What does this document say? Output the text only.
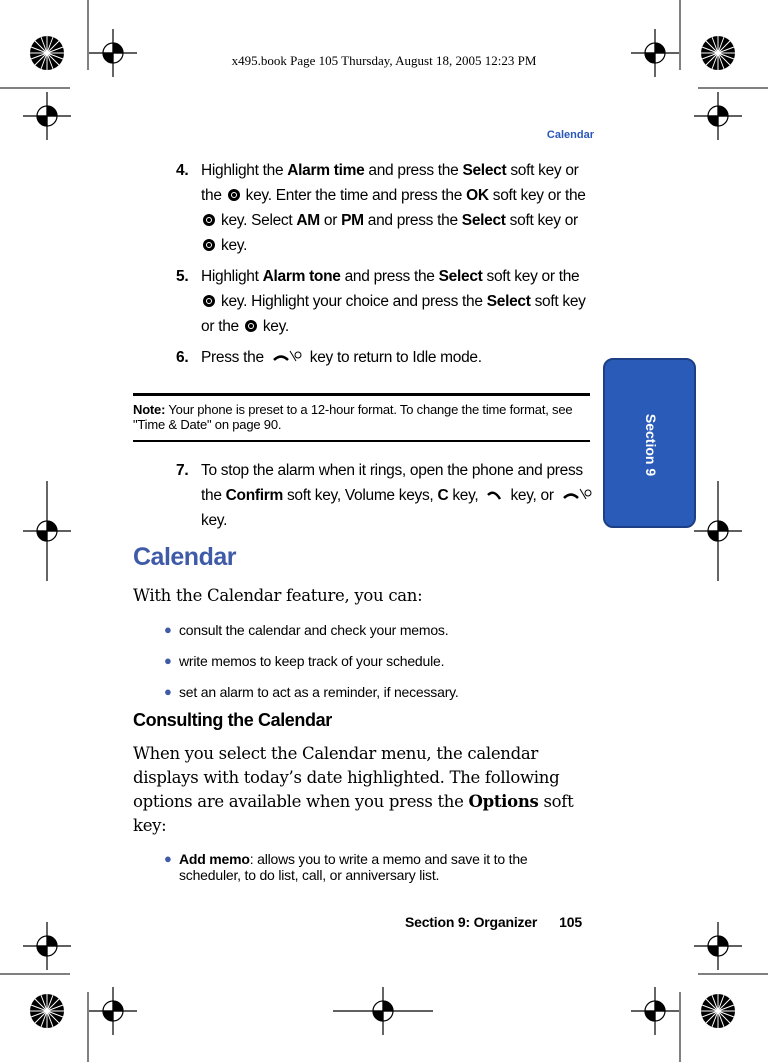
x495.book Page 105 Thursday, August 18, 2005 12:23 PM
Calendar
Section 9
4. Highlight the Alarm time and press the Select soft key or the  key. Enter the time and press the OK soft key or the  key. Select AM or PM and press the Select soft key or  key.
5. Highlight Alarm tone and press the Select soft key or the  key. Highlight your choice and press the Select soft key or the  key.
6. Press the  key to return to Idle mode.
Note: Your phone is preset to a 12-hour format. To change the time format, see "Time & Date" on page 90.
7. To stop the alarm when it rings, open the phone and press the Confirm soft key, Volume keys, C key,  key, or  key.
Calendar
With the Calendar feature, you can:
● consult the calendar and check your memos.
● write memos to keep track of your schedule.
● set an alarm to act as a reminder, if necessary.
Consulting the Calendar
When you select the Calendar menu, the calendar displays with today’s date highlighted. The following options are available when you press the Options soft key:
● Add memo: allows you to write a memo and save it to the scheduler, to do list, call, or anniversary list.
Section 9: Organizer 105
